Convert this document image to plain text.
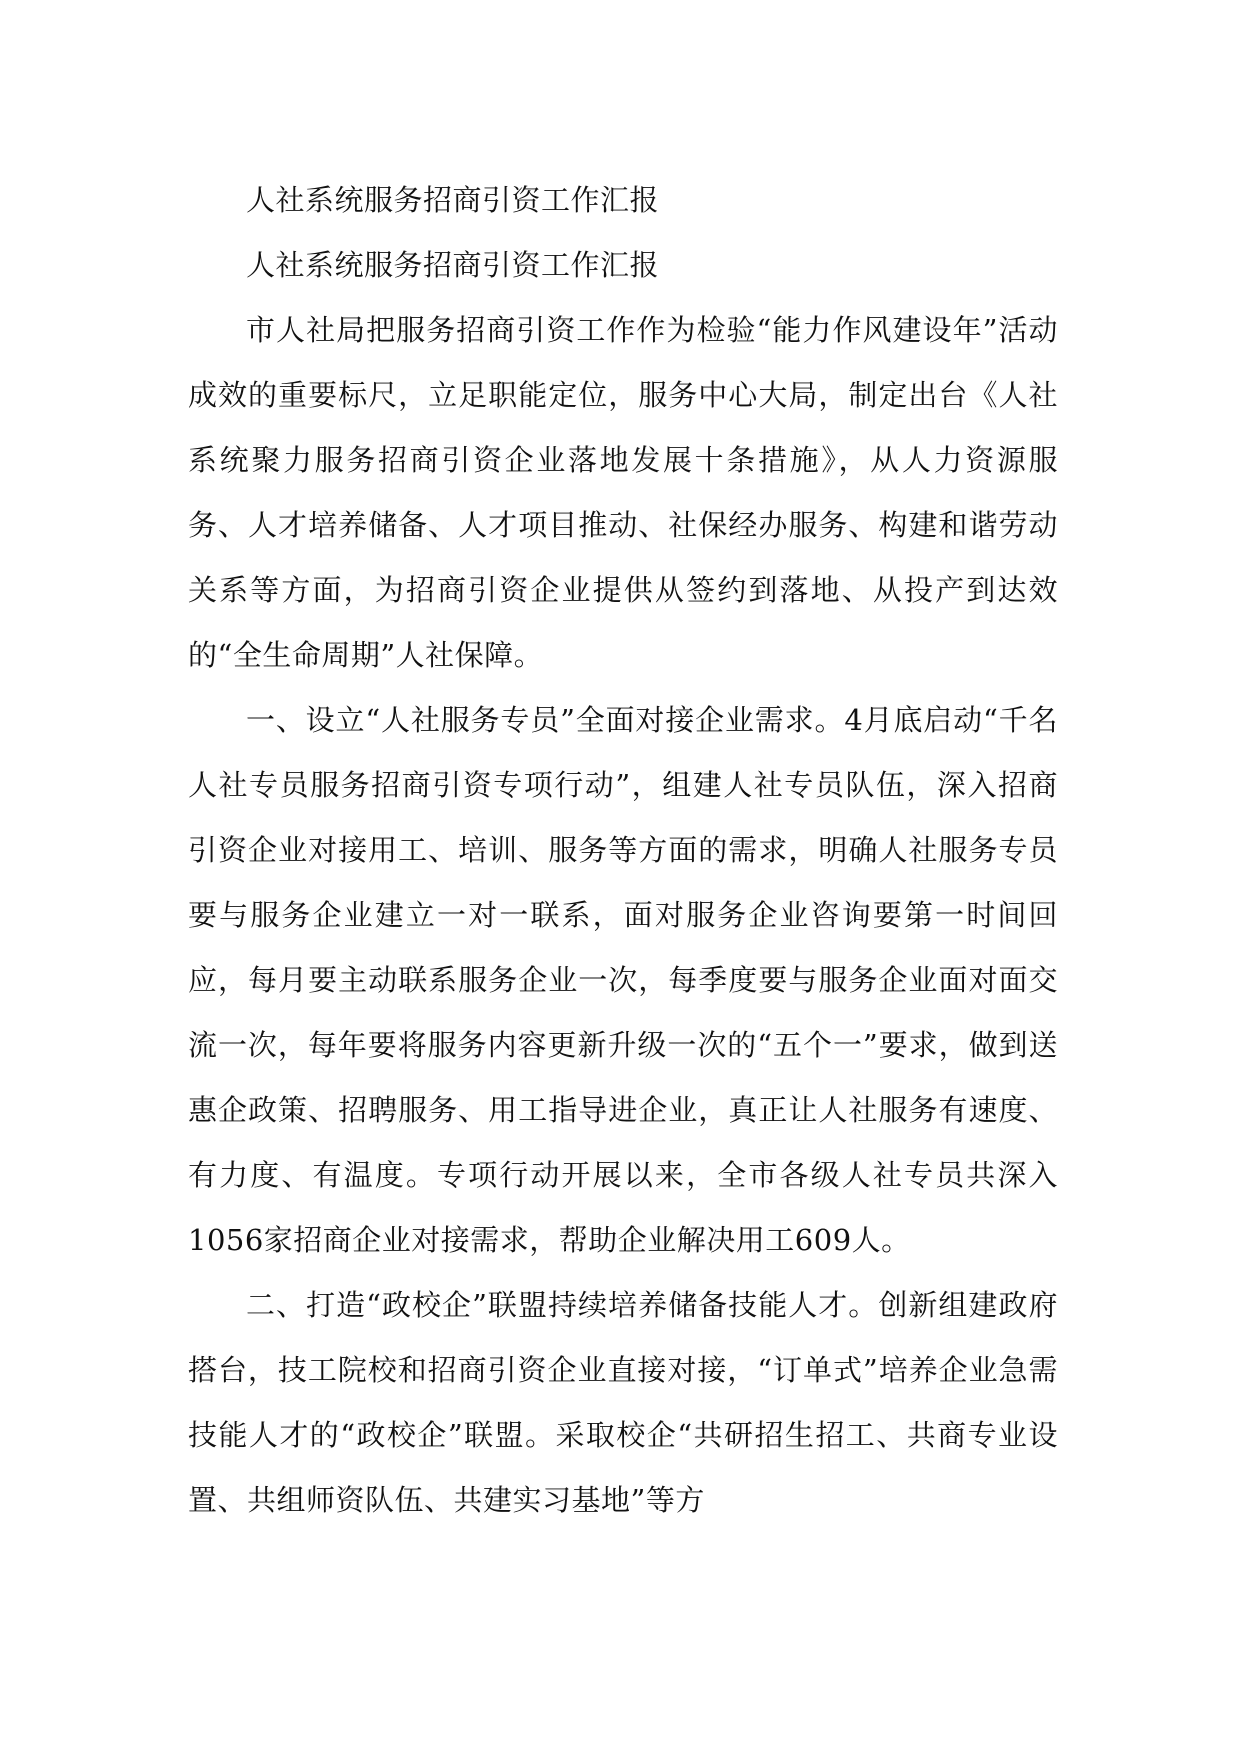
人社系统服务招商引资工作汇报

人社系统服务招商引资工作汇报

市人社局把服务招商引资工作作为检验“能力作风建设年”活动成效的重要标尺，立足职能定位，服务中心大局，制定出台《人社系统聚力服务招商引资企业落地发展十条措施》，从人力资源服务、人才培养储备、人才项目推动、社保经办服务、构建和谐劳动关系等方面，为招商引资企业提供从签约到落地、从投产到达效的“全生命周期”人社保障。

一、设立“人社服务专员”全面对接企业需求。4月底启动“千名人社专员服务招商引资专项行动”，组建人社专员队伍，深入招商引资企业对接用工、培训、服务等方面的需求，明确人社服务专员要与服务企业建立一对一联系，面对服务企业咨询要第一时间回应，每月要主动联系服务企业一次，每季度要与服务企业面对面交流一次，每年要将服务内容更新升级一次的“五个一”要求，做到送惠企政策、招聘服务、用工指导进企业，真正让人社服务有速度、有力度、有温度。专项行动开展以来，全市各级人社专员共深入1056家招商企业对接需求，帮助企业解决用工609人。

二、打造“政校企”联盟持续培养储备技能人才。创新组建政府搭台，技工院校和招商引资企业直接对接，“订单式”培养企业急需技能人才的“政校企”联盟。采取校企“共研招生招工、共商专业设置、共组师资队伍、共建实习基地”等方
